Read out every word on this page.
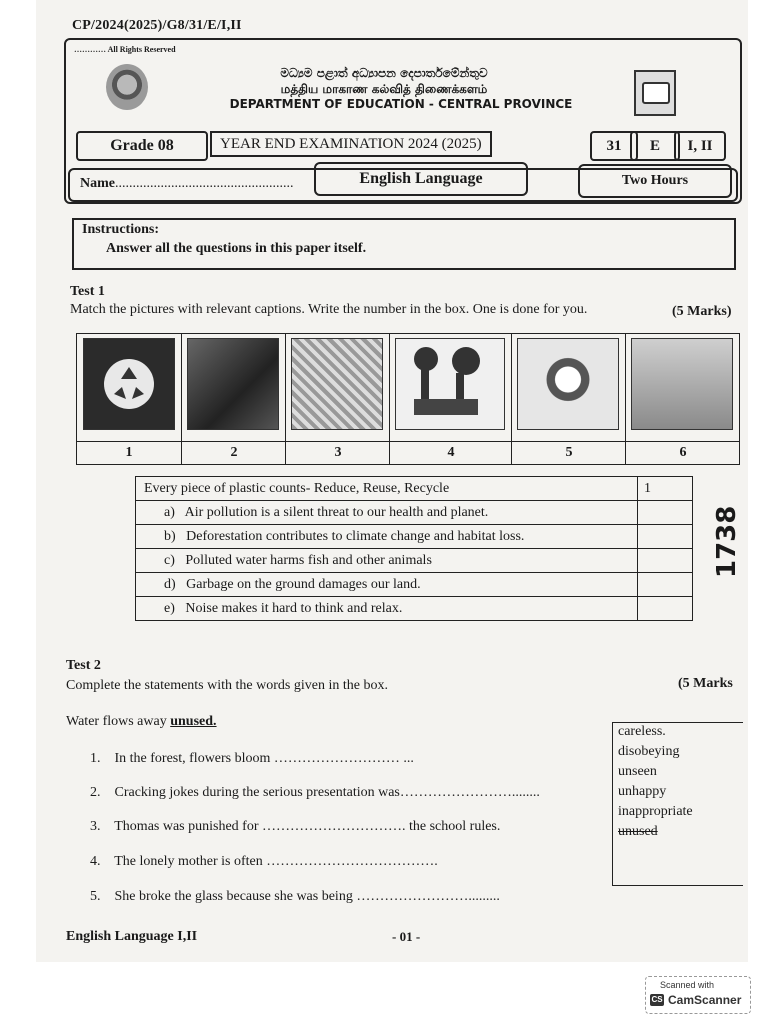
CP/2024(2025)/G8/31/E/I,II
………… All Rights Reserved
මධ්‍යම පළාත් අධ්‍යාපන දෙපාර්තමේන්තුව
மத்திய மாகாண கல்வித் திணைக்களம்
DEPARTMENT OF EDUCATION - CENTRAL PROVINCE
Grade 08	YEAR END EXAMINATION 2024 (2025)	31	E	I, II
Name...................................................	English Language	Two Hours
Instructions:
Answer all the questions in this paper itself.
Test 1
Match the pictures with relevant captions. Write the number in the box. One is done for you.	(5 Marks)
1	2	3	4	5	6
Every piece of plastic counts- Reduce, Reuse, Recycle	1
a) Air pollution is a silent threat to our health and planet.	
b) Deforestation contributes to climate change and habitat loss.	
c) Polluted water harms fish and other animals	
d) Garbage on the ground damages our land.	
e) Noise makes it hard to think and relax.	
1738
Test 2
Complete the statements with the words given in the box.	(5 Marks
Water flows away unused.
careless.
disobeying
unseen
unhappy
inappropriate
unused
1. In the forest, flowers bloom ……………………… ...
2. Cracking jokes during the serious presentation was……………………........
3. Thomas was punished for …………………………. the school rules.
4. The lonely mother is often ……………………………….
5. She broke the glass because she was being …………………….........
English Language I,II	- 01 -
Scanned with
CS CamScanner
